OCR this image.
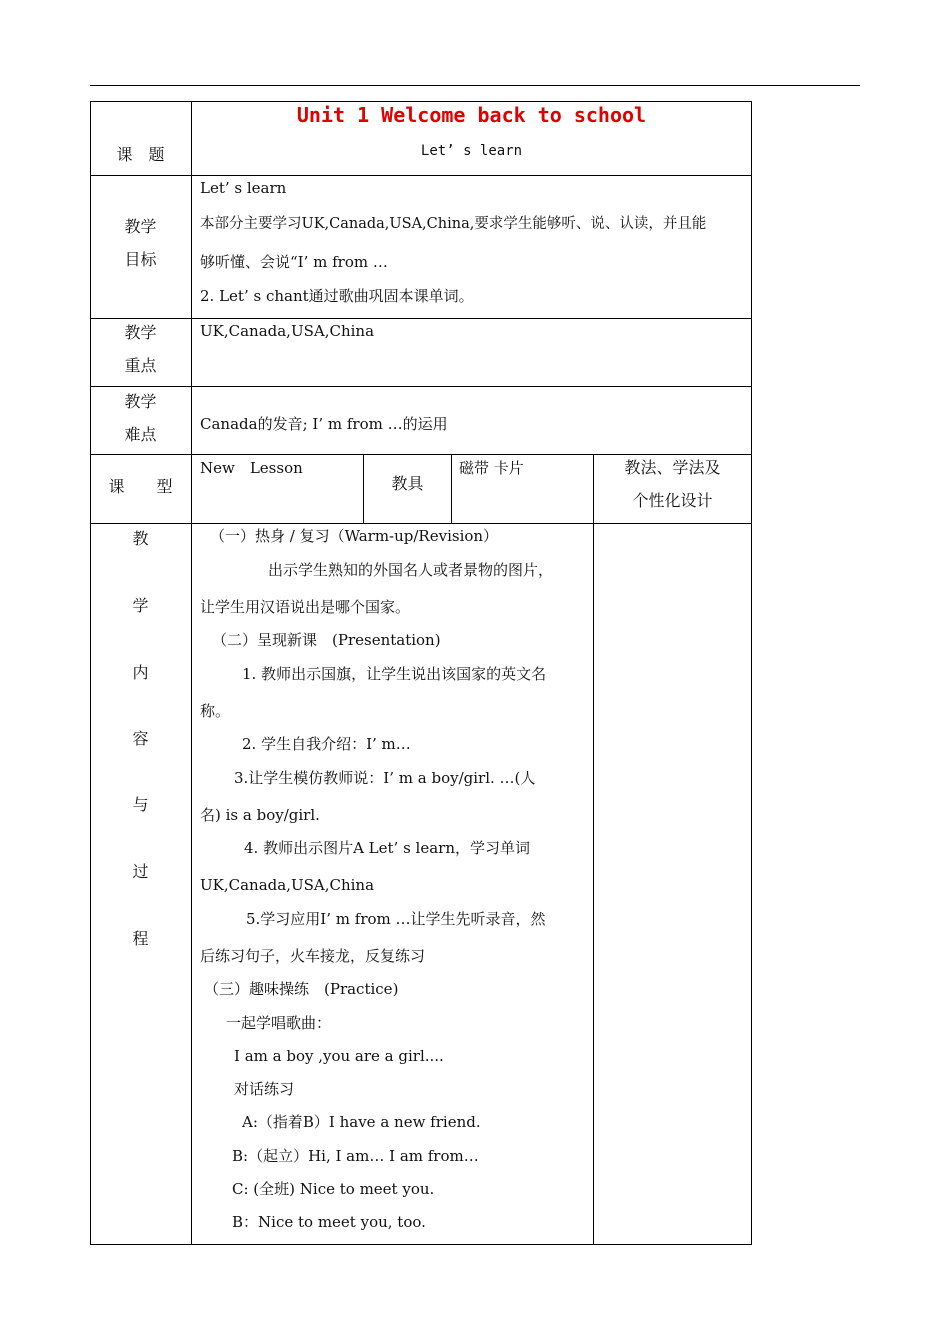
课　题
Unit 1 Welcome back to school
Let’ s learn
教学
目标
Let’ s learn
本部分主要学习UK,Canada,USA,China,要求学生能够听、说、认读，并且能
够听懂、会说“I’ m from …
2. Let’ s chant通过歌曲巩固本课单词。
教学
重点
UK,Canada,USA,China
教学
难点
Canada的发音; I’ m from …的运用
课　　型
New　Lesson
教具
磁带 卡片	教法、学法及
个性化设计
教
学
内
容
与
过
程
（一）热身 / 复习（Warm-up/Revision）
出示学生熟知的外国名人或者景物的图片，
让学生用汉语说出是哪个国家。
（二）呈现新课　(Presentation)
1. 教师出示国旗，让学生说出该国家的英文名
称。
2. 学生自我介绍：I’ m…
3.让学生模仿教师说：I’ m a boy/girl. …(人
名) is a boy/girl.
4. 教师出示图片A Let’ s learn，学习单词
UK,Canada,USA,China
5.学习应用I’ m from …让学生先听录音，然
后练习句子，火车接龙，反复练习
（三）趣味操练　(Practice)
一起学唱歌曲：
I am a boy ,you are a girl....
对话练习
A:（指着B）I have a new friend.
B:（起立）Hi, I am… I am from…
C: (全班) Nice to meet you.
B：Nice to meet you, too.
